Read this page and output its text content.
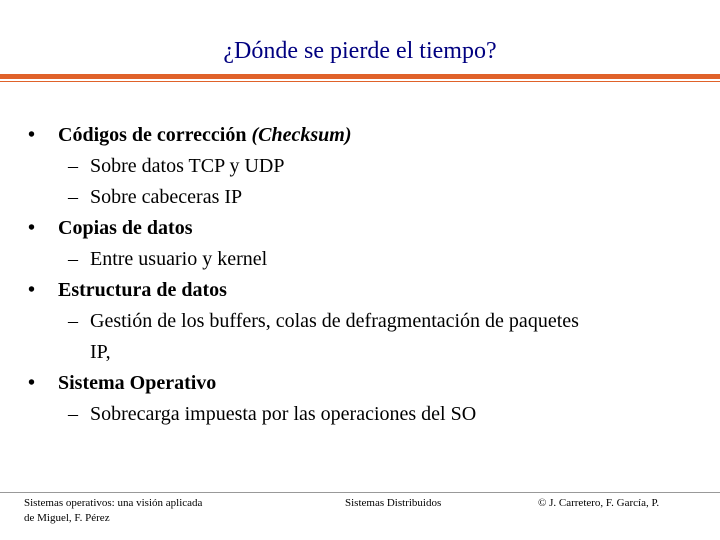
¿Dónde se pierde el tiempo?
• Códigos de corrección (Checksum)
– Sobre datos TCP y UDP
– Sobre cabeceras IP
• Copias de datos
– Entre usuario y kernel
• Estructura de datos
– Gestión de los buffers, colas de defragmentación de paquetes
IP,
• Sistema Operativo
– Sobrecarga impuesta por las operaciones del SO
Sistemas operativos: una visión aplicada
de Miguel, F. Pérez
Sistemas Distribuidos	© J. Carretero, F. García, P.
